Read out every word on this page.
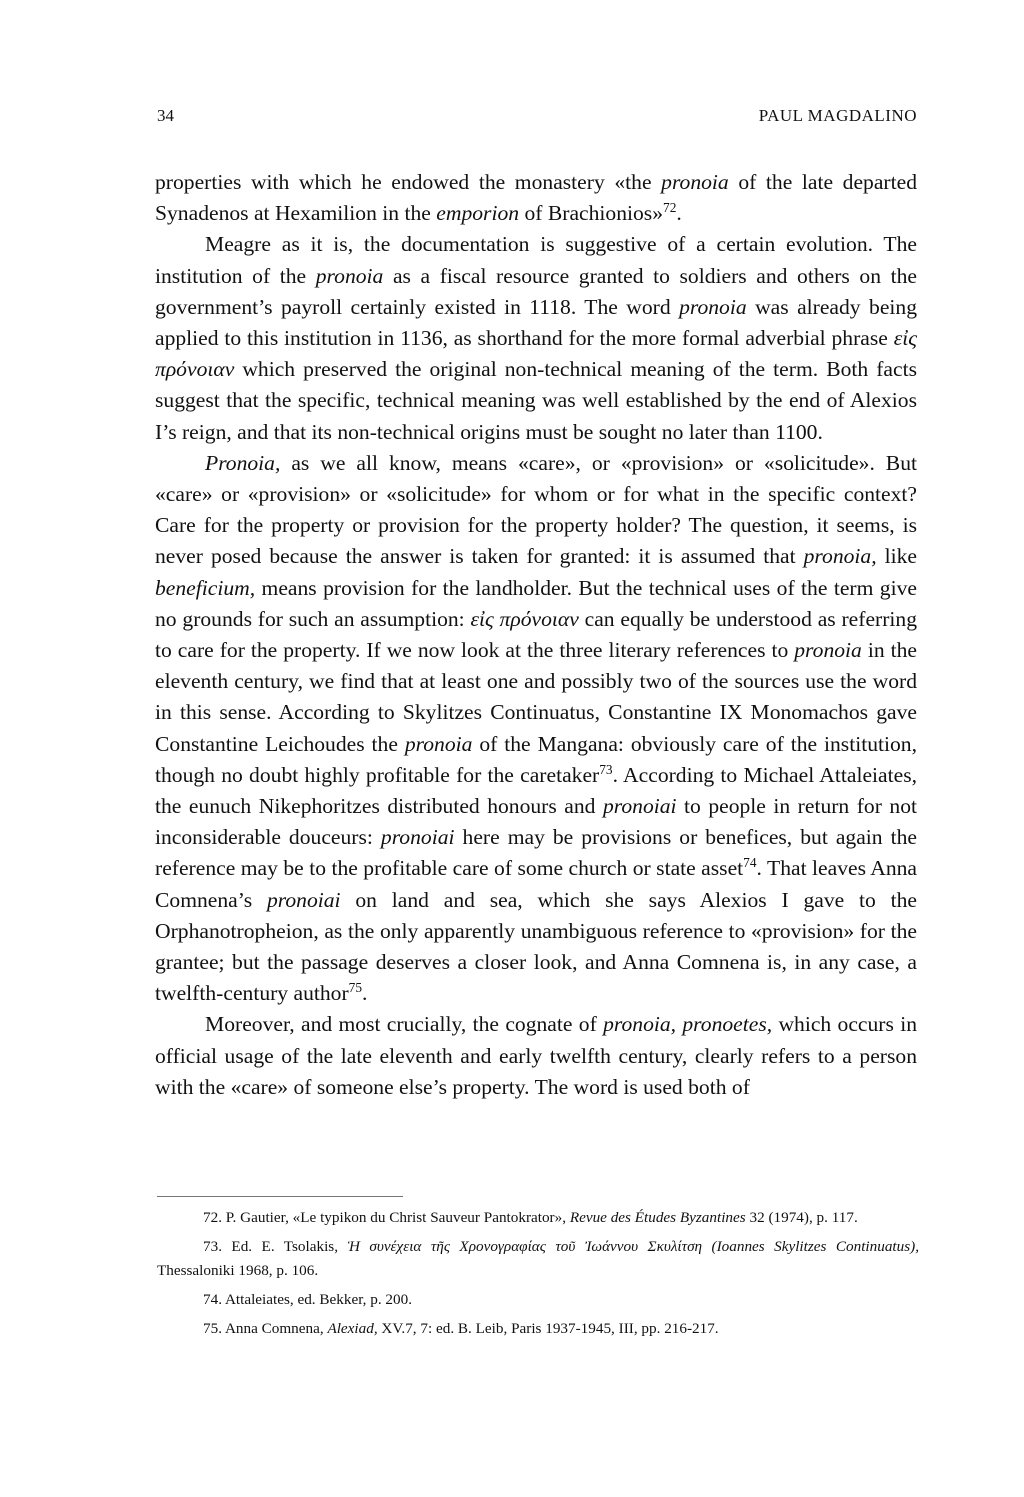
34	PAUL MAGDALINO

properties with which he endowed the monastery «the pronoia of the late departed Synadenos at Hexamilion in the emporion of Brachionios»$^{72}$.

Meagre as it is, the documentation is suggestive of a certain evolution. The institution of the pronoia as a fiscal resource granted to soldiers and others on the government’s payroll certainly existed in 1118. The word pronoia was already being applied to this institution in 1136, as shorthand for the more formal adverbial phrase εἰς πρόνοιαν which preserved the original non-technical meaning of the term. Both facts suggest that the specific, technical meaning was well established by the end of Alexios I’s reign, and that its non-technical origins must be sought no later than 1100.

Pronoia, as we all know, means «care», or «provision» or «solicitude». But «care» or «provision» or «solicitude» for whom or for what in the specific context? Care for the property or provision for the property holder? The question, it seems, is never posed because the answer is taken for granted: it is assumed that pronoia, like beneficium, means provision for the landholder. But the technical uses of the term give no grounds for such an assumption: εἰς πρόνοιαν can equally be understood as referring to care for the property. If we now look at the three literary references to pronoia in the eleventh century, we find that at least one and possibly two of the sources use the word in this sense. According to Skylitzes Continuatus, Constantine IX Monomachos gave Constantine Leichoudes the pronoia of the Mangana: obviously care of the institution, though no doubt highly profitable for the caretaker$^{73}$. According to Michael Attaleiates, the eunuch Nikephoritzes distributed honours and pronoiai to people in return for not inconsiderable douceurs: pronoiai here may be provisions or benefices, but again the reference may be to the profitable care of some church or state asset$^{74}$. That leaves Anna Comnena’s pronoiai on land and sea, which she says Alexios I gave to the Orphanotropheion, as the only apparently unambiguous reference to «provision» for the grantee; but the passage deserves a closer look, and Anna Comnena is, in any case, a twelfth-century author$^{75}$.

Moreover, and most crucially, the cognate of pronoia, pronoetes, which occurs in official usage of the late eleventh and early twelfth century, clearly refers to a person with the «care» of someone else’s property. The word is used both of

72. P. Gautier, «Le typikon du Christ Sauveur Pantokrator», Revue des Études Byzantines 32 (1974), p. 117.

73. Ed. E. Tsolakis, Ἡ συνέχεια τῆς Χρονογραφίας τοῦ Ἰωάννου Σκυλίτση (Ioannes Skylitzes Continuatus), Thessaloniki 1968, p. 106.

74. Attaleiates, ed. Bekker, p. 200.

75. Anna Comnena, Alexiad, XV.7, 7: ed. B. Leib, Paris 1937-1945, III, pp. 216-217.
